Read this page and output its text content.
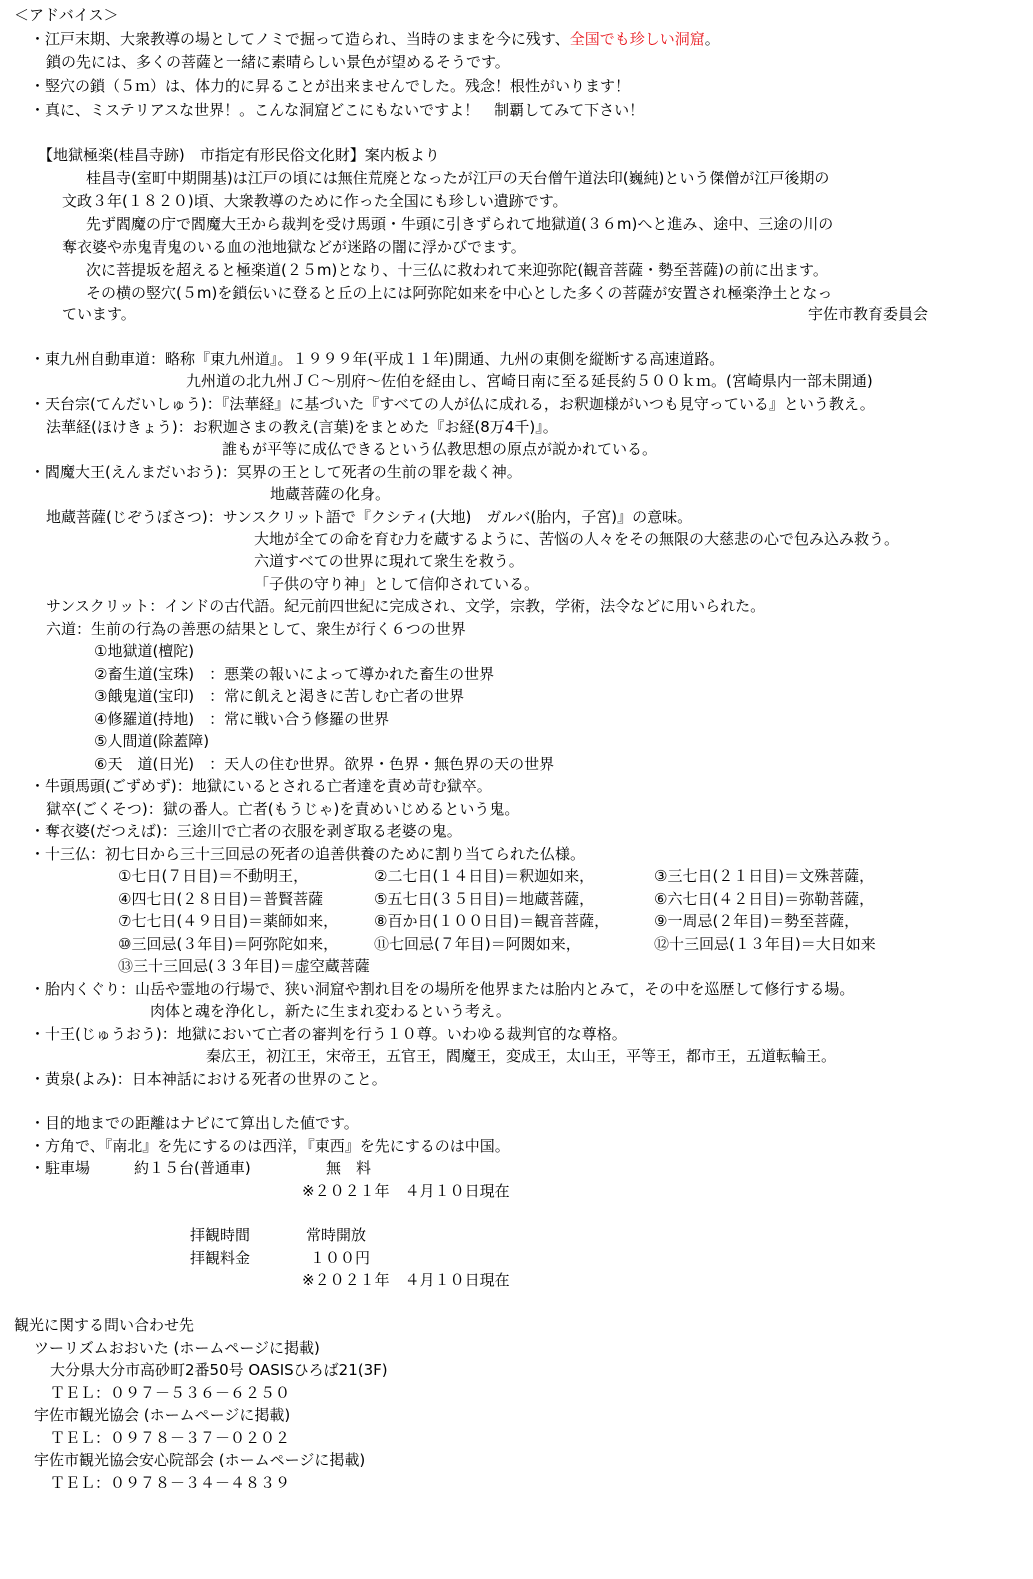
＜アドバイス＞
・江戸末期、大衆教導の場としてノミで掘って造られ、当時のままを今に残す、全国でも珍しい洞窟。
鎖の先には、多くの菩薩と一緒に素晴らしい景色が望めるそうです。
・竪穴の鎖（５ｍ）は、体力的に昇ることが出来ませんでした。残念！根性がいります！
・真に、ミステリアスな世界！。こんな洞窟どこにもないですよ！　制覇してみて下さい！
【地獄極楽(桂昌寺跡)　市指定有形民俗文化財】案内板より
桂昌寺(室町中期開基)は江戸の頃には無住荒廃となったが江戸の天台僧午道法印(巍純)という傑僧が江戸後期の
文政３年(１８２０)頃、大衆教導のために作った全国にも珍しい遺跡です。
先ず閻魔の庁で閻魔大王から裁判を受け馬頭・牛頭に引きずられて地獄道(３６m)へと進み、途中、三途の川の
奪衣婆や赤鬼青鬼のいる血の池地獄などが迷路の闇に浮かびでます。
次に菩提坂を超えると極楽道(２５m)となり、十三仏に救われて来迎弥陀(観音菩薩・勢至菩薩)の前に出ます。
その横の竪穴(５m)を鎖伝いに登ると丘の上には阿弥陀如来を中心とした多くの菩薩が安置され極楽浄土となっ
ています。	宇佐市教育委員会
・東九州自動車道：略称『東九州道』。１９９９年(平成１１年)開通、九州の東側を縦断する高速道路。
九州道の北九州ＪＣ～別府～佐伯を経由し、宮崎日南に至る延長約５００ｋｍ。(宮崎県内一部未開通)
・天台宗(てんだいしゅう)：『法華経』に基づいた『すべての人が仏に成れる，お釈迦様がいつも見守っている』という教え。
法華経(ほけきょう)：お釈迦さまの教え(言葉)をまとめた『お経(8万4千)』。
誰もが平等に成仏できるという仏教思想の原点が説かれている。
・閻魔大王(えんまだいおう)：冥界の王として死者の生前の罪を裁く神。
地蔵菩薩の化身。
地蔵菩薩(じぞうぼさつ)：サンスクリット語で『クシティ(大地)　ガルバ(胎内，子宮)』の意味。
大地が全ての命を育む力を蔵するように、苦悩の人々をその無限の大慈悲の心で包み込み救う。
六道すべての世界に現れて衆生を救う。
「子供の守り神」として信仰されている。
サンスクリット：インドの古代語。紀元前四世紀に完成され、文学，宗教，学術，法令などに用いられた。
六道：生前の行為の善悪の結果として、衆生が行く６つの世界
①地獄道(檀陀)
②畜生道(宝珠)　：悪業の報いによって導かれた畜生の世界
③餓鬼道(宝印)　：常に飢えと渇きに苦しむ亡者の世界
④修羅道(持地)　：常に戦い合う修羅の世界
⑤人間道(除蓋障)
⑥天　道(日光)　：天人の住む世界。欲界・色界・無色界の天の世界
・牛頭馬頭(ごずめず)：地獄にいるとされる亡者達を責め苛む獄卒。
獄卒(ごくそつ)：獄の番人。亡者(もうじゃ)を責めいじめるという鬼。
・奪衣婆(だつえば)：三途川で亡者の衣服を剥ぎ取る老婆の鬼。
・十三仏：初七日から三十三回忌の死者の追善供養のために割り当てられた仏様。
①七日(７日目)＝不動明王，	②二七日(１４日目)＝釈迦如来，	③三七日(２１日目)＝文殊菩薩，
④四七日(２８日目)＝普賢菩薩	⑤五七日(３５日目)＝地蔵菩薩，	⑥六七日(４２日目)＝弥勒菩薩，
⑦七七日(４９日目)＝薬師如来， ⑧百か日(１００日目)＝観音菩薩，	⑨一周忌(２年目)＝勢至菩薩，
⑩三回忌(３年目)＝阿弥陀如来， ⑪七回忌(７年目)＝阿閦如来，	⑫十三回忌(１３年目)＝大日如来
⑬三十三回忌(３３年目)＝虚空蔵菩薩
・胎内くぐり：山岳や霊地の行場で、狭い洞窟や割れ目をの場所を他界または胎内とみて，その中を巡歴して修行する場。
肉体と魂を浄化し，新たに生まれ変わるという考え。
・十王(じゅうおう)：地獄において亡者の審判を行う１０尊。いわゆる裁判官的な尊格。
秦広王，初江王，宋帝王，五官王，閻魔王，変成王，太山王，平等王，都市王，五道転輪王。
・黄泉(よみ)：日本神話における死者の世界のこと。
・目的地までの距離はナビにて算出した値です。
・方角で、『南北』を先にするのは西洋，『東西』を先にするのは中国。
・駐車場	約１５台(普通車)	無　料
※２０２１年　４月１０日現在
拝観時間	常時開放
拝観料金	１００円
※２０２１年　４月１０日現在
観光に関する問い合わせ先
ツーリズムおおいた (ホームページに掲載)
大分県大分市高砂町2番50号 OASISひろば21(3F)
ＴＥＬ：０９７－５３６－６２５０
宇佐市観光協会 (ホームページに掲載)
ＴＥＬ：０９７８－３７－０２０２
宇佐市観光協会安心院部会 (ホームページに掲載)
ＴＥＬ：０９７８－３４－４８３９
